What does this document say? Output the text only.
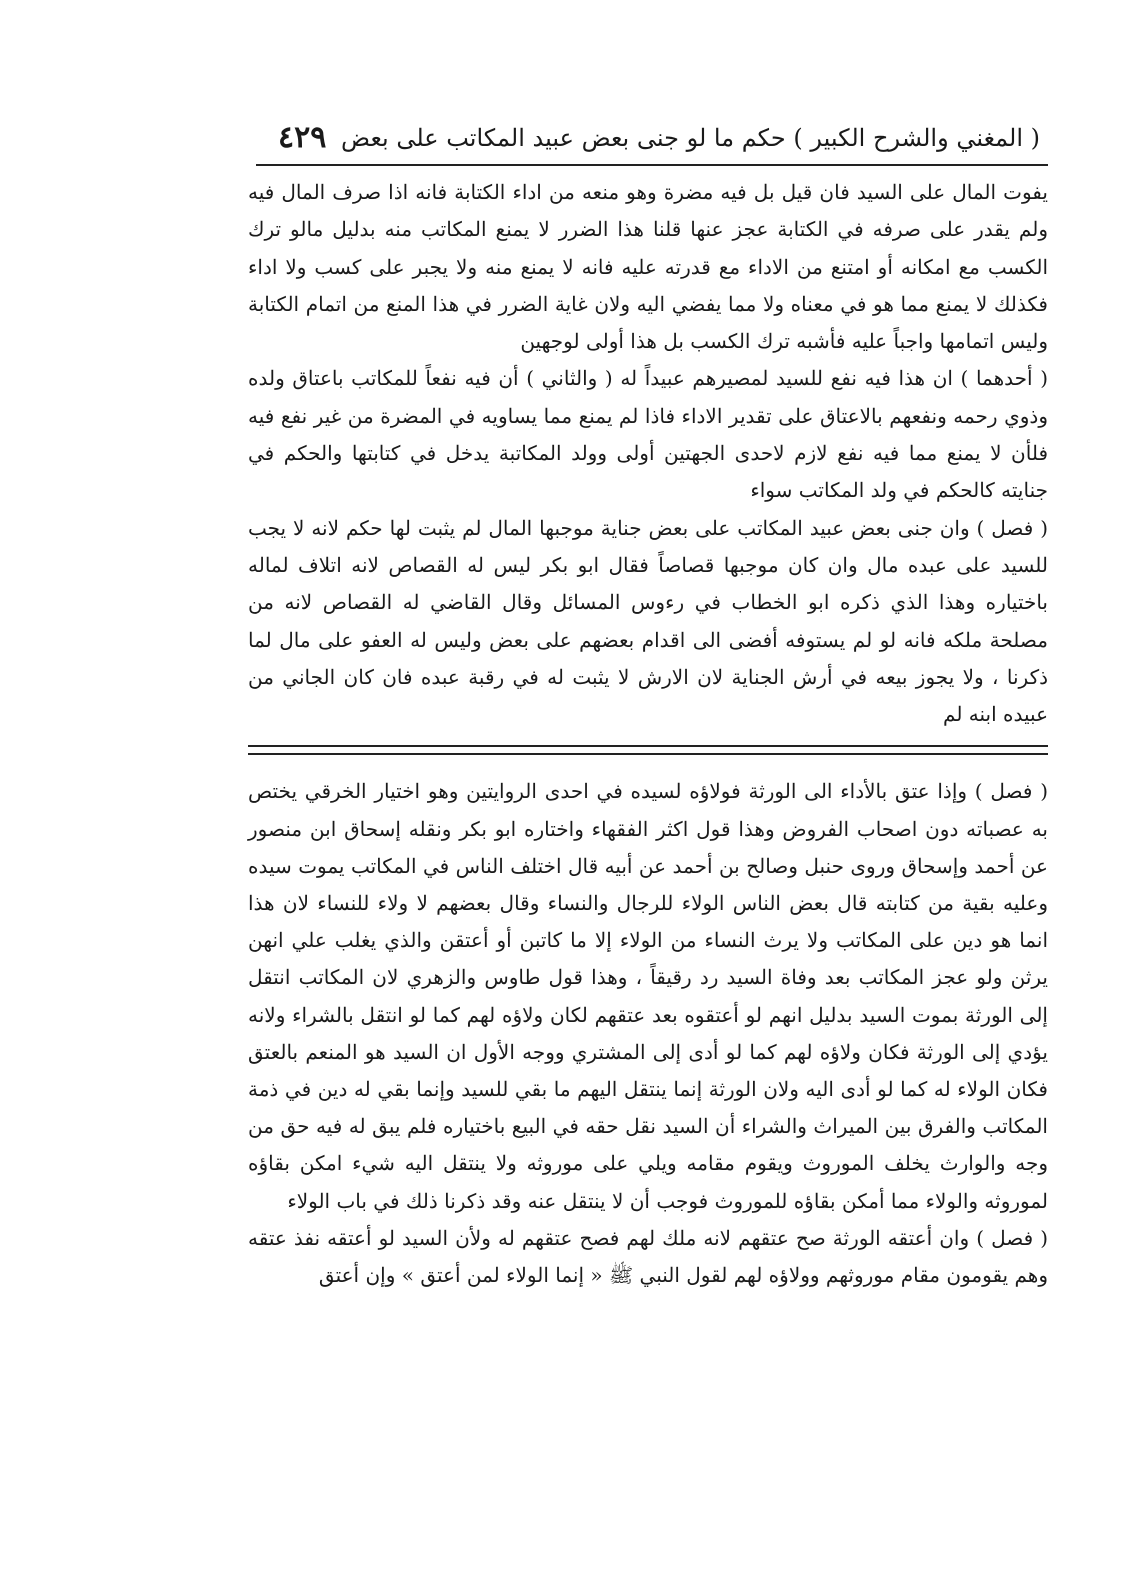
( المغني والشرح الكبير ) حكم ما لو جنى بعض عبيد المكاتب على بعض
٤٢٩

يفوت المال على السيد فان قيل بل فيه مضرة وهو منعه من اداء الكتابة فانه اذا صرف المال فيه ولم يقدر على صرفه في الكتابة عجز عنها قلنا هذا الضرر لا يمنع المكاتب منه بدليل مالو ترك الكسب مع امكانه أو امتنع من الاداء مع قدرته عليه فانه لا يمنع منه ولا يجبر على كسب ولا اداء فكذلك لا يمنع مما هو في معناه ولا مما يفضي اليه ولان غاية الضرر في هذا المنع من اتمام الكتابة وليس اتمامها واجباً عليه فأشبه ترك الكسب بل هذا أولى لوجهين

( أحدهما ) ان هذا فيه نفع للسيد لمصيرهم عبيداً له ( والثاني ) أن فيه نفعاً للمكاتب باعتاق ولده وذوي رحمه ونفعهم بالاعتاق على تقدير الاداء فاذا لم يمنع مما يساويه في المضرة من غير نفع فيه فلأن لا يمنع مما فيه نفع لازم لاحدى الجهتين أولى وولد المكاتبة يدخل في كتابتها والحكم في جنايته كالحكم في ولد المكاتب سواء

( فصل ) وان جنى بعض عبيد المكاتب على بعض جناية موجبها المال لم يثبت لها حكم لانه لا يجب للسيد على عبده مال وان كان موجبها قصاصاً فقال ابو بكر ليس له القصاص لانه اتلاف لماله باختياره وهذا الذي ذكره ابو الخطاب في رءوس المسائل وقال القاضي له القصاص لانه من مصلحة ملكه فانه لو لم يستوفه أفضى الى اقدام بعضهم على بعض وليس له العفو على مال لما ذكرنا ، ولا يجوز بيعه في أرش الجناية لان الارش لا يثبت له في رقبة عبده فان كان الجاني من عبيده ابنه لم

( فصل ) وإذا عتق بالأداء الى الورثة فولاؤه لسيده في احدى الروايتين وهو اختيار الخرقي يختص به عصباته دون اصحاب الفروض وهذا قول اكثر الفقهاء واختاره ابو بكر ونقله إسحاق ابن منصور عن أحمد وإسحاق وروى حنبل وصالح بن أحمد عن أبيه قال اختلف الناس في المكاتب يموت سيده وعليه بقية من كتابته قال بعض الناس الولاء للرجال والنساء وقال بعضهم لا ولاء للنساء لان هذا انما هو دين على المكاتب ولا يرث النساء من الولاء إلا ما كاتبن أو أعتقن والذي يغلب علي انهن يرثن ولو عجز المكاتب بعد وفاة السيد رد رقيقاً ، وهذا قول طاوس والزهري لان المكاتب انتقل إلى الورثة بموت السيد بدليل انهم لو أعتقوه بعد عتقهم لكان ولاؤه لهم كما لو انتقل بالشراء ولانه يؤدي إلى الورثة فكان ولاؤه لهم كما لو أدى إلى المشتري ووجه الأول ان السيد هو المنعم بالعتق فكان الولاء له كما لو أدى اليه ولان الورثة إنما ينتقل اليهم ما بقي للسيد وإنما بقي له دين في ذمة المكاتب والفرق بين الميراث والشراء أن السيد نقل حقه في البيع باختياره فلم يبق له فيه حق من وجه والوارث يخلف الموروث ويقوم مقامه ويلي على موروثه ولا ينتقل اليه شيء امكن بقاؤه لموروثه والولاء مما أمكن بقاؤه للموروث فوجب أن لا ينتقل عنه وقد ذكرنا ذلك في باب الولاء

( فصل ) وان أعتقه الورثة صح عتقهم لانه ملك لهم فصح عتقهم له ولأن السيد لو أعتقه نفذ عتقه وهم يقومون مقام موروثهم وولاؤه لهم لقول النبي ﷺ « إنما الولاء لمن أعتق » وإن أعتق
